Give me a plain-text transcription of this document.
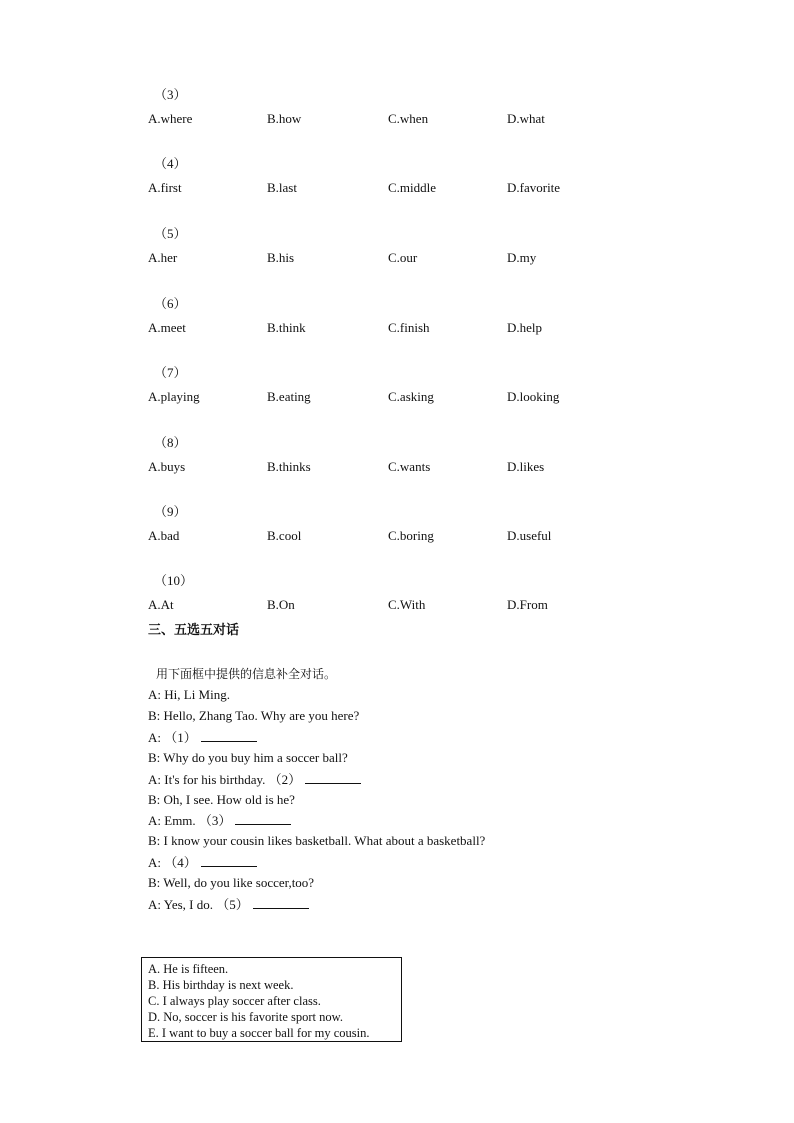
（3）
A.where	B.how	C.when	D.what
（4）
A.first	B.last	C.middle	D.favorite
（5）
A.her	B.his	C.our	D.my
（6）
A.meet	B.think	C.finish	D.help
（7）
A.playing	B.eating	C.asking	D.looking
（8）
A.buys	B.thinks	C.wants	D.likes
（9）
A.bad	B.cool	C.boring	D.useful
（10）
A.At	B.On	C.With	D.From
三、五选五对话
用下面框中提供的信息补全对话。
A: Hi, Li Ming.
B: Hello, Zhang Tao. Why are you here?
A: （1）
B: Why do you buy him a soccer ball?
A: It's for his birthday. （2）
B: Oh, I see. How old is he?
A: Emm. （3）
B: I know your cousin likes basketball. What about a basketball?
A: （4）
B: Well, do you like soccer,too?
A: Yes, I do. （5）
A. He is fifteen.
B. His birthday is next week.
C. I always play soccer after class.
D. No, soccer is his favorite sport now.
E. I want to buy a soccer ball for my cousin.
